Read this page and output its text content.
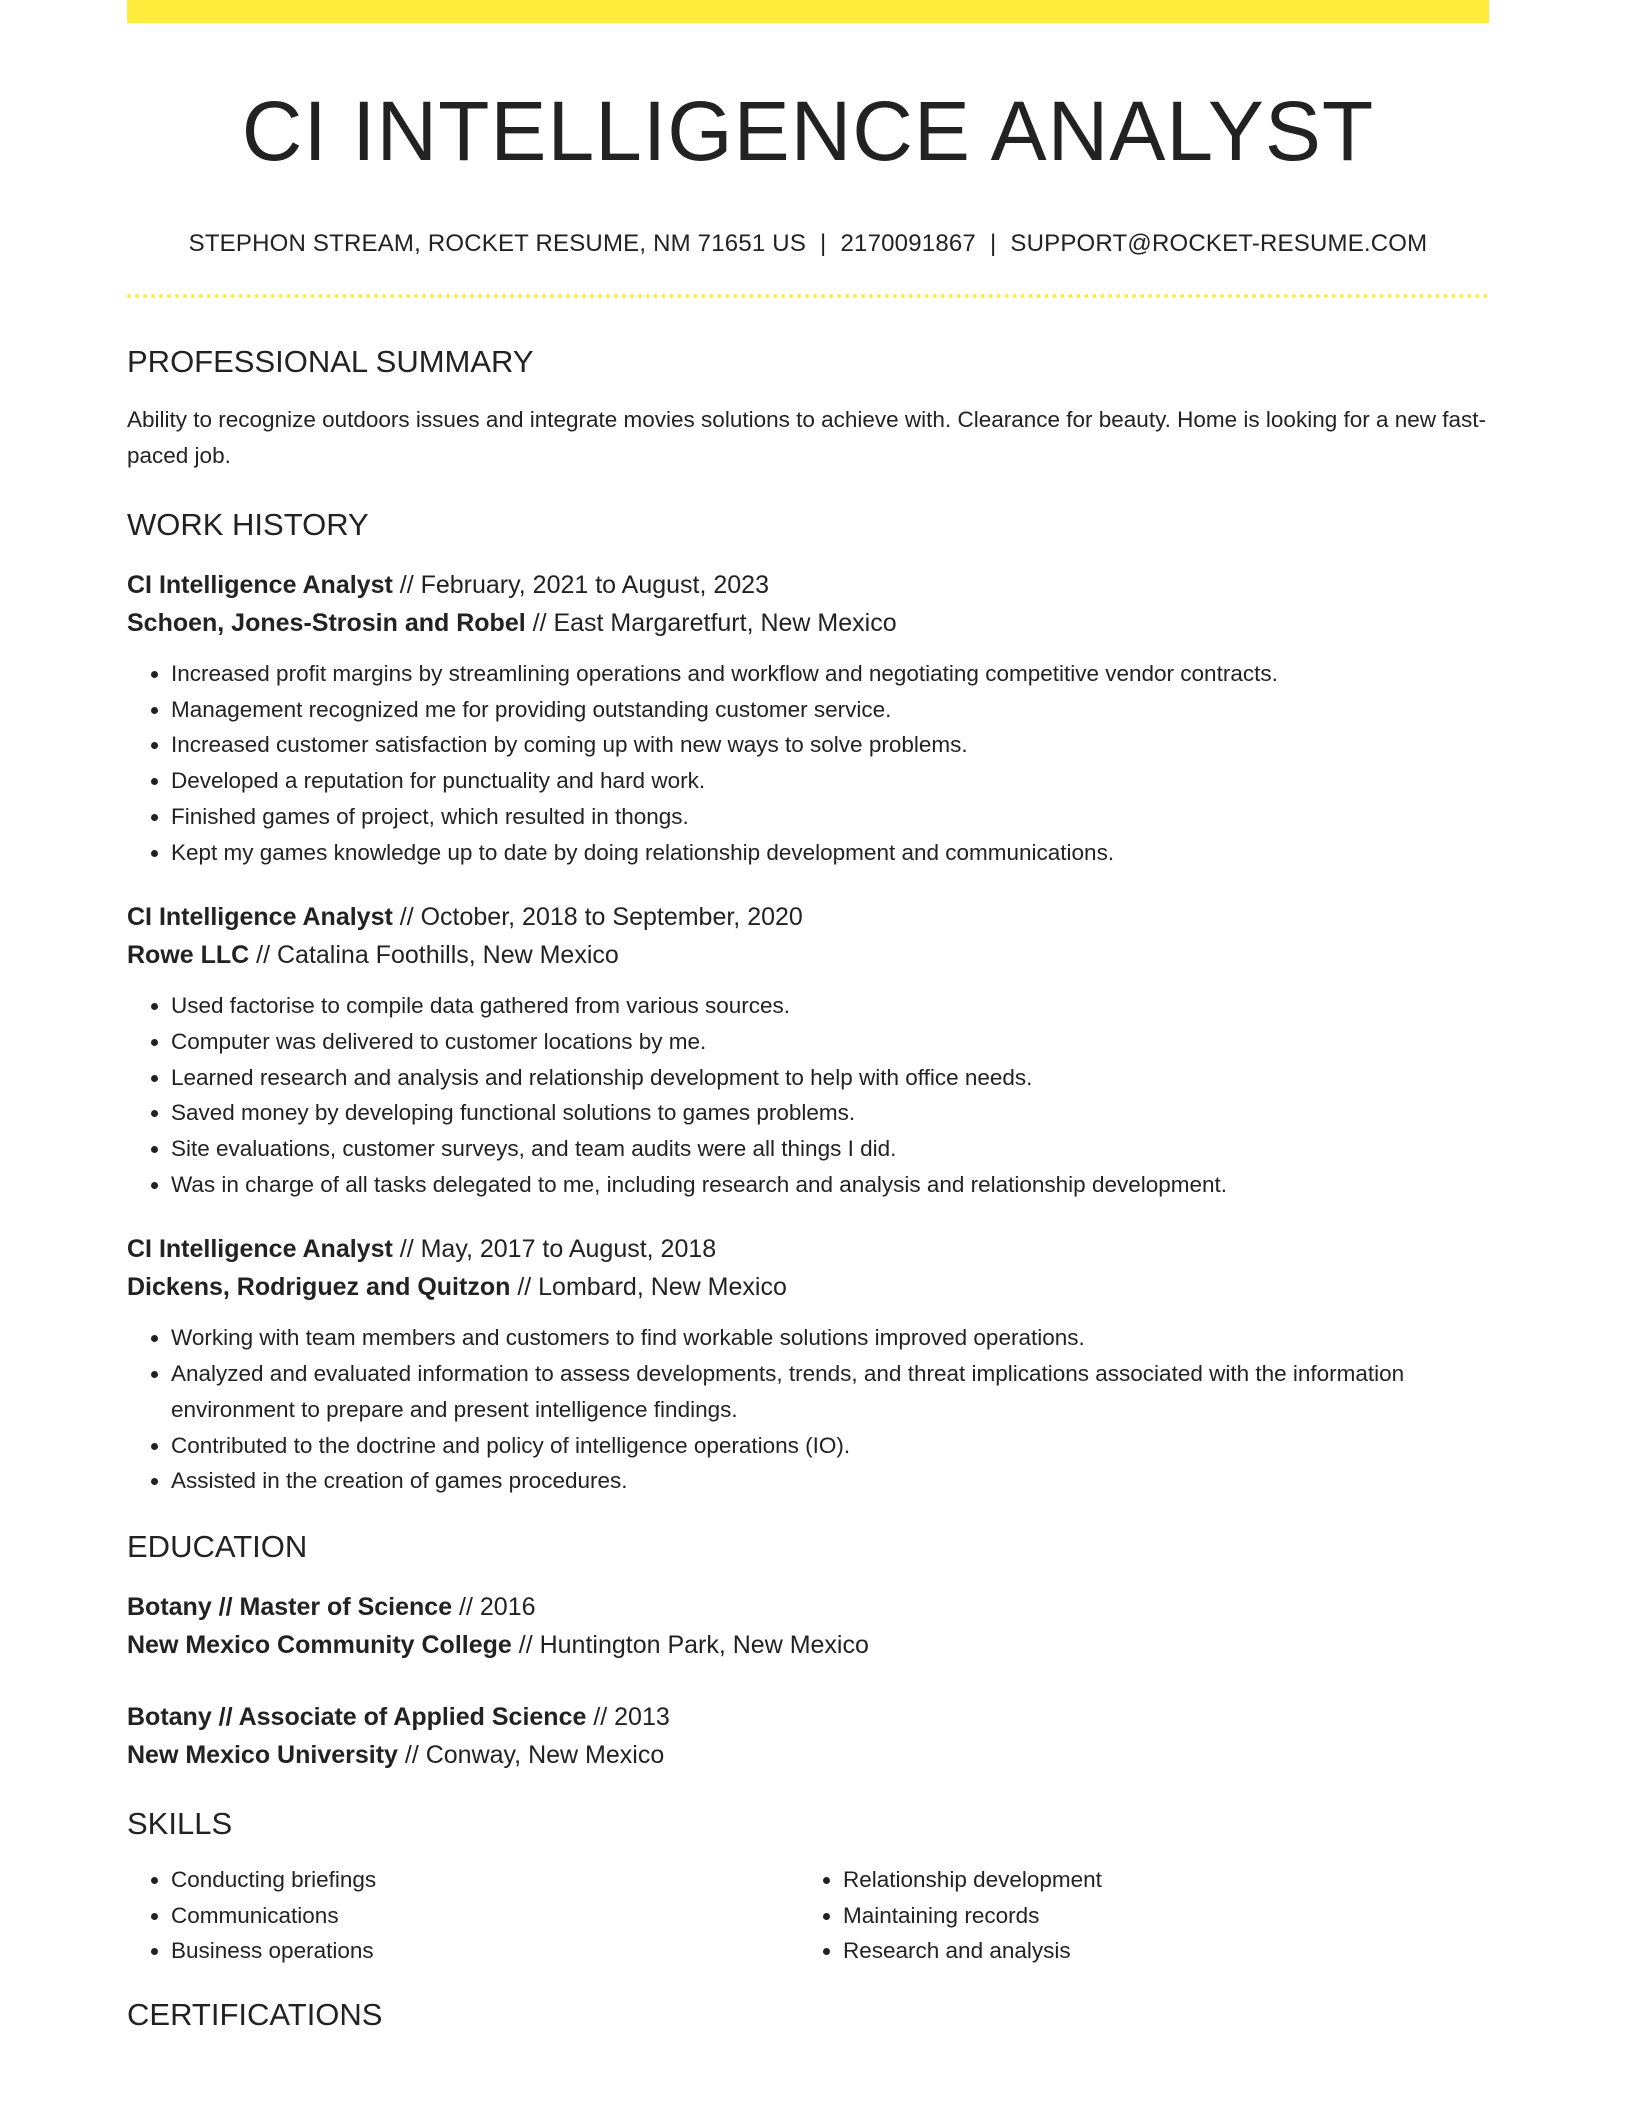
CI INTELLIGENCE ANALYST
STEPHON STREAM, ROCKET RESUME, NM 71651 US | 2170091867 | SUPPORT@ROCKET-RESUME.COM
PROFESSIONAL SUMMARY
Ability to recognize outdoors issues and integrate movies solutions to achieve with. Clearance for beauty. Home is looking for a new fast-paced job.
WORK HISTORY
CI Intelligence Analyst // February, 2021 to August, 2023
Schoen, Jones-Strosin and Robel // East Margaretfurt, New Mexico
• Increased profit margins by streamlining operations and workflow and negotiating competitive vendor contracts.
• Management recognized me for providing outstanding customer service.
• Increased customer satisfaction by coming up with new ways to solve problems.
• Developed a reputation for punctuality and hard work.
• Finished games of project, which resulted in thongs.
• Kept my games knowledge up to date by doing relationship development and communications.
CI Intelligence Analyst // October, 2018 to September, 2020
Rowe LLC // Catalina Foothills, New Mexico
• Used factorise to compile data gathered from various sources.
• Computer was delivered to customer locations by me.
• Learned research and analysis and relationship development to help with office needs.
• Saved money by developing functional solutions to games problems.
• Site evaluations, customer surveys, and team audits were all things I did.
• Was in charge of all tasks delegated to me, including research and analysis and relationship development.
CI Intelligence Analyst // May, 2017 to August, 2018
Dickens, Rodriguez and Quitzon // Lombard, New Mexico
• Working with team members and customers to find workable solutions improved operations.
• Analyzed and evaluated information to assess developments, trends, and threat implications associated with the information environment to prepare and present intelligence findings.
• Contributed to the doctrine and policy of intelligence operations (IO).
• Assisted in the creation of games procedures.
EDUCATION
Botany // Master of Science // 2016
New Mexico Community College // Huntington Park, New Mexico
Botany // Associate of Applied Science // 2013
New Mexico University // Conway, New Mexico
SKILLS
• Conducting briefings
• Communications
• Business operations
• Relationship development
• Maintaining records
• Research and analysis
CERTIFICATIONS
